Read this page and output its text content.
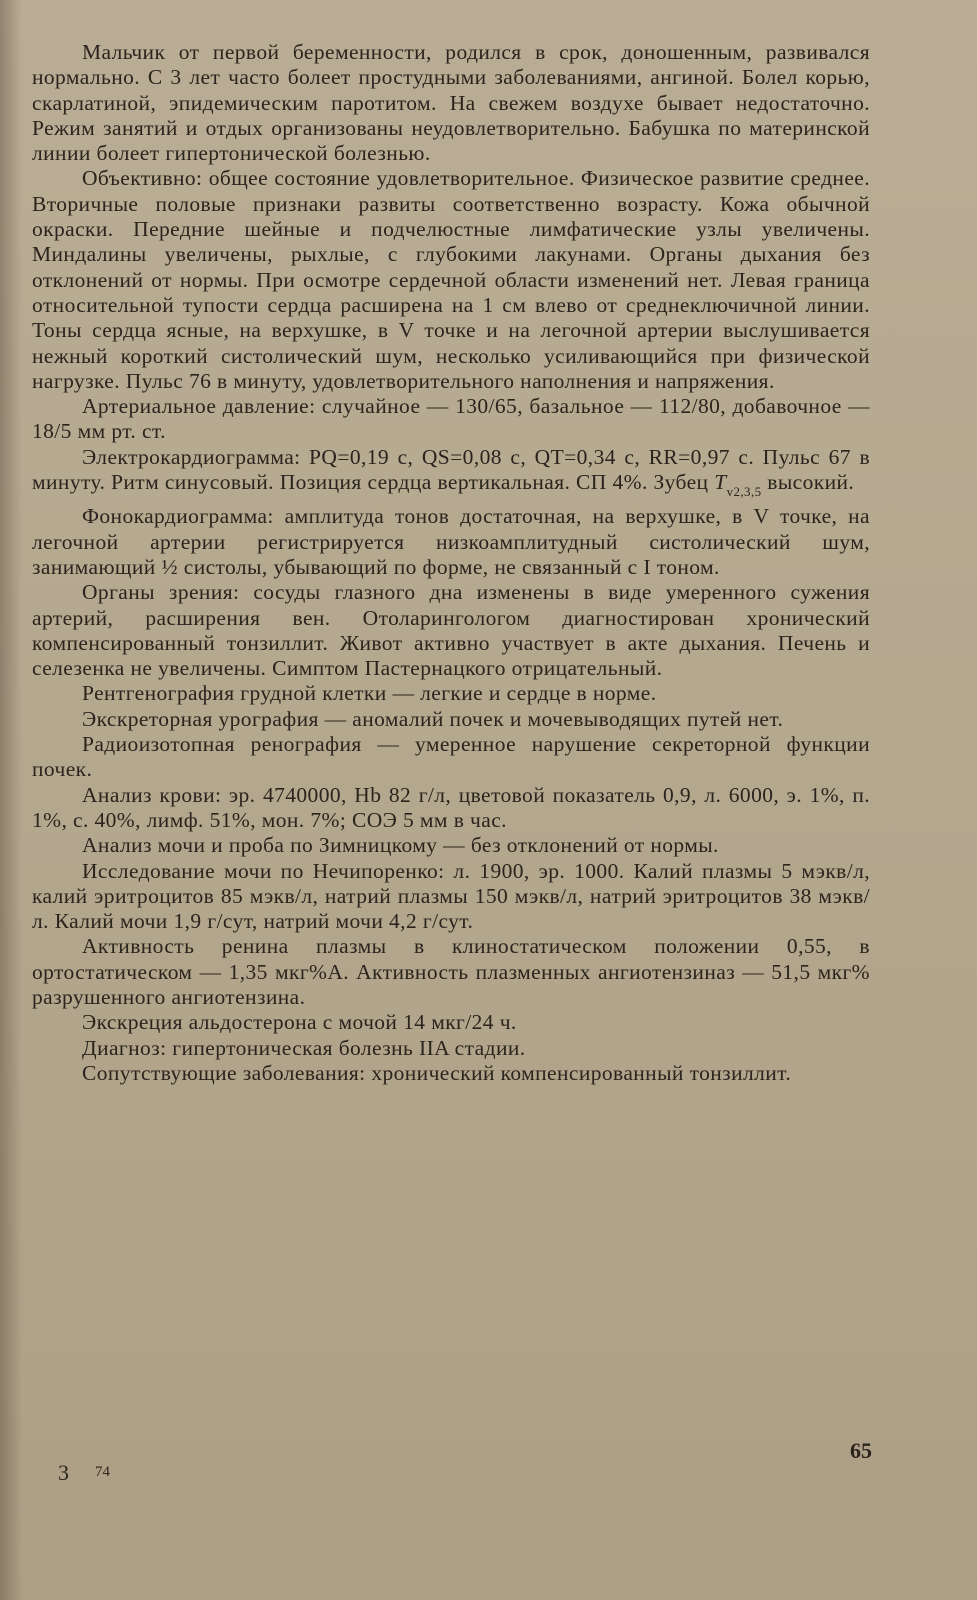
Мальчик от первой беременности, родился в срок, доношенным, развивался нормально. С 3 лет часто болеет простудными заболеваниями, ангиной. Болел корью, скарлатиной, эпидемическим паротитом. На свежем воздухе бывает недостаточно. Режим занятий и отдых организованы неудовлетворительно. Бабушка по материнской линии болеет гипертонической болезнью.

Объективно: общее состояние удовлетворительное. Физическое развитие среднее. Вторичные половые признаки развиты соответственно возрасту. Кожа обычной окраски. Передние шейные и подчелюстные лимфатические узлы увеличены. Миндалины увеличены, рыхлые, с глубокими лакунами. Органы дыхания без отклонений от нормы. При осмотре сердечной области изменений нет. Левая граница относительной тупости сердца расширена на 1 см влево от среднеключичной линии. Тоны сердца ясные, на верхушке, в V точке и на легочной артерии выслушивается нежный короткий систолический шум, несколько усиливающийся при физической нагрузке. Пульс 76 в минуту, удовлетворительного наполнения и напряжения.

Артериальное давление: случайное — 130/65, базальное — 112/80, добавочное — 18/5 мм рт. ст.

Электрокардиограмма: PQ=0,19 с, QS=0,08 с, QT=0,34 с, RR=0,97 с. Пульс 67 в минуту. Ритм синусовый. Позиция сердца вертикальная. СП 4%. Зубец $T_{v2,3,5}$ высокий.

Фонокардиограмма: амплитуда тонов достаточная, на верхушке, в V точке, на легочной артерии регистрируется низкоамплитудный систолический шум, занимающий ½ систолы, убывающий по форме, не связанный с I тоном.

Органы зрения: сосуды глазного дна изменены в виде умеренного сужения артерий, расширения вен. Отоларингологом диагностирован хронический компенсированный тонзиллит. Живот активно участвует в акте дыхания. Печень и селезенка не увеличены. Симптом Пастернацкого отрицательный.

Рентгенография грудной клетки — легкие и сердце в норме.

Экскреторная урография — аномалий почек и мочевыводящих путей нет.

Радиоизотопная ренография — умеренное нарушение секреторной функции почек.

Анализ крови: эр. 4740000, Hb 82 г/л, цветовой показатель 0,9, л. 6000, э. 1%, п. 1%, с. 40%, лимф. 51%, мон. 7%; СОЭ 5 мм в час.

Анализ мочи и проба по Зимницкому — без отклонений от нормы.

Исследование мочи по Нечипоренко: л. 1900, эр. 1000. Калий плазмы 5 мэкв/л, калий эритроцитов 85 мэкв/л, натрий плазмы 150 мэкв/л, натрий эритроцитов 38 мэкв/л. Калий мочи 1,9 г/сут, натрий мочи 4,2 г/сут.

Активность ренина плазмы в клиностатическом положении 0,55, в ортостатическом — 1,35 мкг%А. Активность плазменных ангиотензиназ — 51,5 мкг% разрушенного ангиотензина.

Экскреция альдостерона с мочой 14 мкг/24 ч.

Диагноз: гипертоническая болезнь IIA стадии.

Сопутствующие заболевания: хронический компенсированный тонзиллит.

65
3 74
